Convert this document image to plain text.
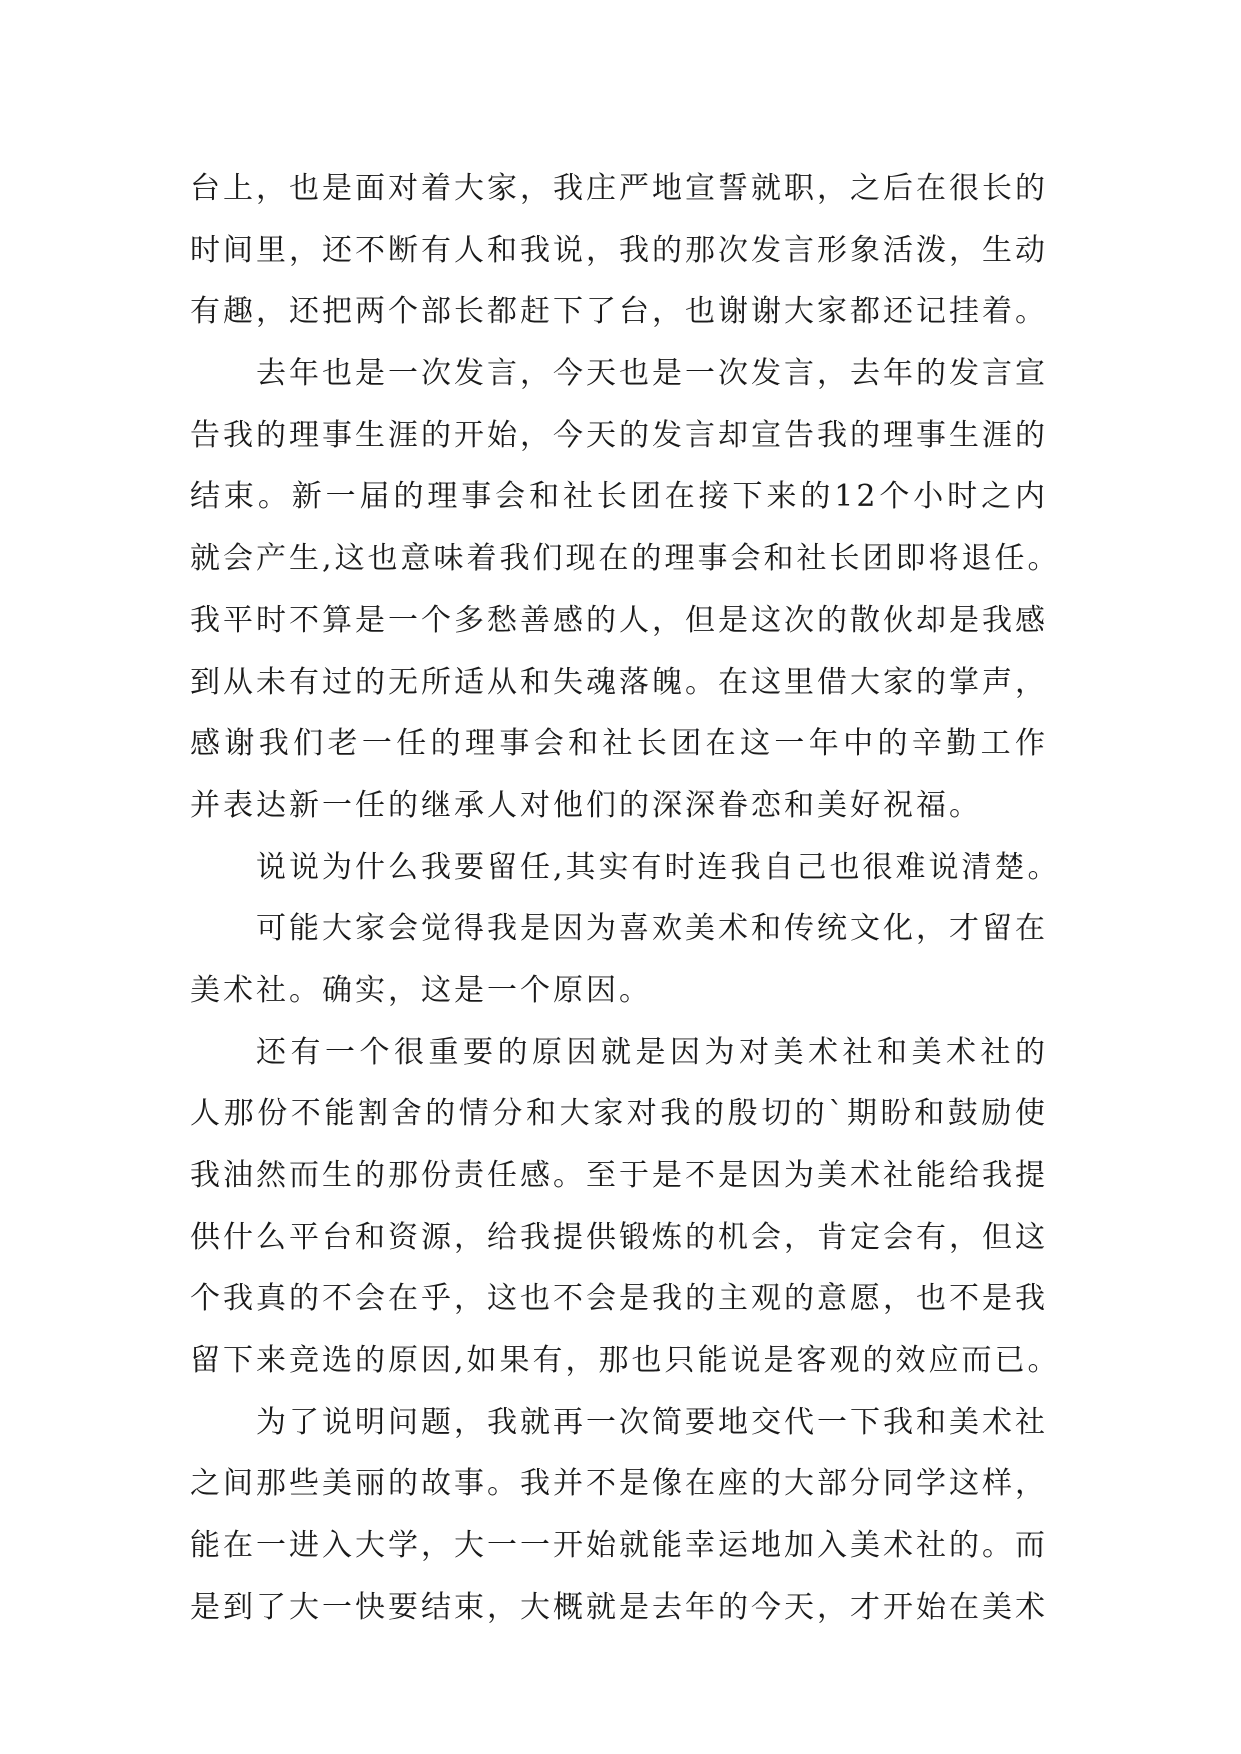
台上，也是面对着大家，我庄严地宣誓就职，之后在很长的
时间里，还不断有人和我说，我的那次发言形象活泼，生动
有趣，还把两个部长都赶下了台，也谢谢大家都还记挂着。
去年也是一次发言，今天也是一次发言，去年的发言宣
告我的理事生涯的开始，今天的发言却宣告我的理事生涯的
结束。新一届的理事会和社长团在接下来的12个小时之内
就会产生,这也意味着我们现在的理事会和社长团即将退任。
我平时不算是一个多愁善感的人，但是这次的散伙却是我感
到从未有过的无所适从和失魂落魄。在这里借大家的掌声，
感谢我们老一任的理事会和社长团在这一年中的辛勤工作
并表达新一任的继承人对他们的深深眷恋和美好祝福。
说说为什么我要留任,其实有时连我自己也很难说清楚。
可能大家会觉得我是因为喜欢美术和传统文化，才留在
美术社。确实，这是一个原因。
还有一个很重要的原因就是因为对美术社和美术社的
人那份不能割舍的情分和大家对我的殷切的`期盼和鼓励使
我油然而生的那份责任感。至于是不是因为美术社能给我提
供什么平台和资源，给我提供锻炼的机会，肯定会有，但这
个我真的不会在乎，这也不会是我的主观的意愿，也不是我
留下来竞选的原因,如果有，那也只能说是客观的效应而已。
为了说明问题，我就再一次简要地交代一下我和美术社
之间那些美丽的故事。我并不是像在座的大部分同学这样，
能在一进入大学，大一一开始就能幸运地加入美术社的。而
是到了大一快要结束，大概就是去年的今天，才开始在美术
